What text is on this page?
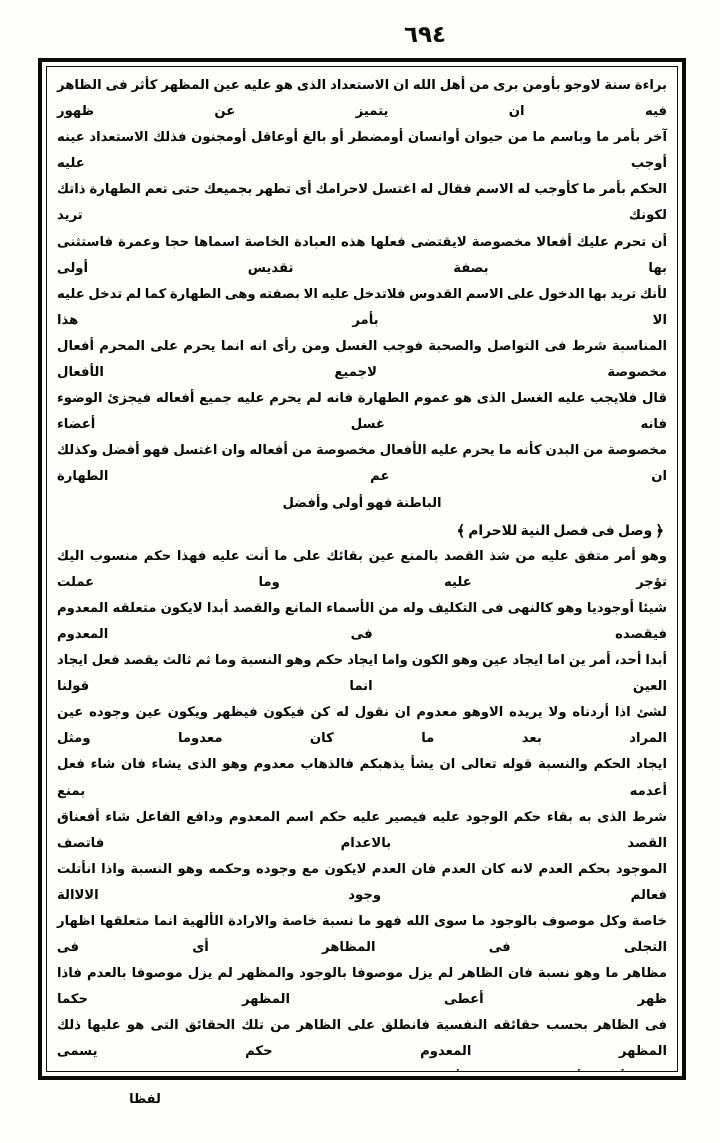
٦٩٤

براءة سنة لاوجو بأومن برى من أهل الله ان الاستعداد الذى هو عليه عين المظهر كأثر فى الظاهر فيه ان يتميز عن ظهور

آخر بأمر ما وباسم ما من حيوان أوانسان أومضطر أو بالغ أوعاقل أومجنون فذلك الاستعداد عينه أوجب عليه

الحكم بأمر ما كأوجب له الاسم فقال له اغتسل لاحرامك أى تطهر بجميعك حتى تعم الطهارة ذاتك لكونك تريد

أن تحرم عليك أفعالا مخصوصة لايقتضى فعلها هذه العبادة الخاصة اسماها حجا وعمرة فاستثنى بها بصفة تقديس أولى

لأنك تريد بها الدخول على الاسم القدوس فلاتدخل عليه الا بصفته وهى الطهارة كما لم تدخل عليه الا بأمر هذا

المناسبة شرط فى التواصل والصحبة فوجب الغسل ومن رأى انه انما يحرم على المحرم أفعال مخصوصة لاجميع الأفعال

قال فلايجب عليه الغسل الذى هو عموم الطهارة فانه لم يحرم عليه جميع أفعاله فيجزئ الوضوء فانه غسل أعضاء

مخصوصة من البدن كأنه ما يحرم عليه الأفعال مخصوصة من أفعاله وان اغتسل فهو أفضل وكذلك ان عم الطهارة

الباطنة فهو أولى وأفضل

﴿وصل فى فصل النية للاحرام﴾

وهو أمر متفق عليه من شذ القصد بالمنع عين بقائك على ما أنت عليه فهذا حكم منسوب اليك تؤجر عليه وما عملت

شيئا أوجوديا وهو كالنهى فى التكليف وله من الأسماء المانع والقصد أبدا لايكون متعلقه المعدوم فيقصده فى المعدوم

أبدا أحد، أمر ين اما ايجاد عين وهو الكون واما ايجاد حكم وهو النسبة وما ثم ثالث يقصد فعل ايجاد العين انما قولنا

لشئ اذا أردناه ولا يريده الاوهو معدوم ان نقول له كن فيكون فيظهر ويكون عين وجوده عين المراد بعد ما كان معدوما ومثل

ايجاد الحكم والنسبة قوله تعالى ان يشأ يذهبكم فالذهاب معدوم وهو الذى يشاء فان شاء فعل أعدمه بمنع

شرط الذى به بقاء حكم الوجود عليه فيصير عليه حكم اسم المعدوم ودافع الفاعل شاء أفعناق القصد بالاعدام فاتصف

الموجود بحكم العدم لانه كان العدم فان العدم لايكون مع وجوده وحكمه وهو النسبة واذا انأتلت فعالم وجود الالاالة

خاصة وكل موصوف بالوجود ما سوى الله فهو ما نسبة خاصة والارادة الألهية انما متعلقها اظهار التجلى فى المظاهر أى فى

مظاهر ما وهو نسبة فان الظاهر لم يزل موصوفا بالوجود والمظهر لم يزل موصوفا بالعدم فاذا ظهر أعطى المظهر حكما

فى الظاهر بحسب حقائقه النفسية فانطلق على الظاهر من تلك الحقائق التى هو عليها ذلك المظهر المعدوم حكم يسمى

لفظا
